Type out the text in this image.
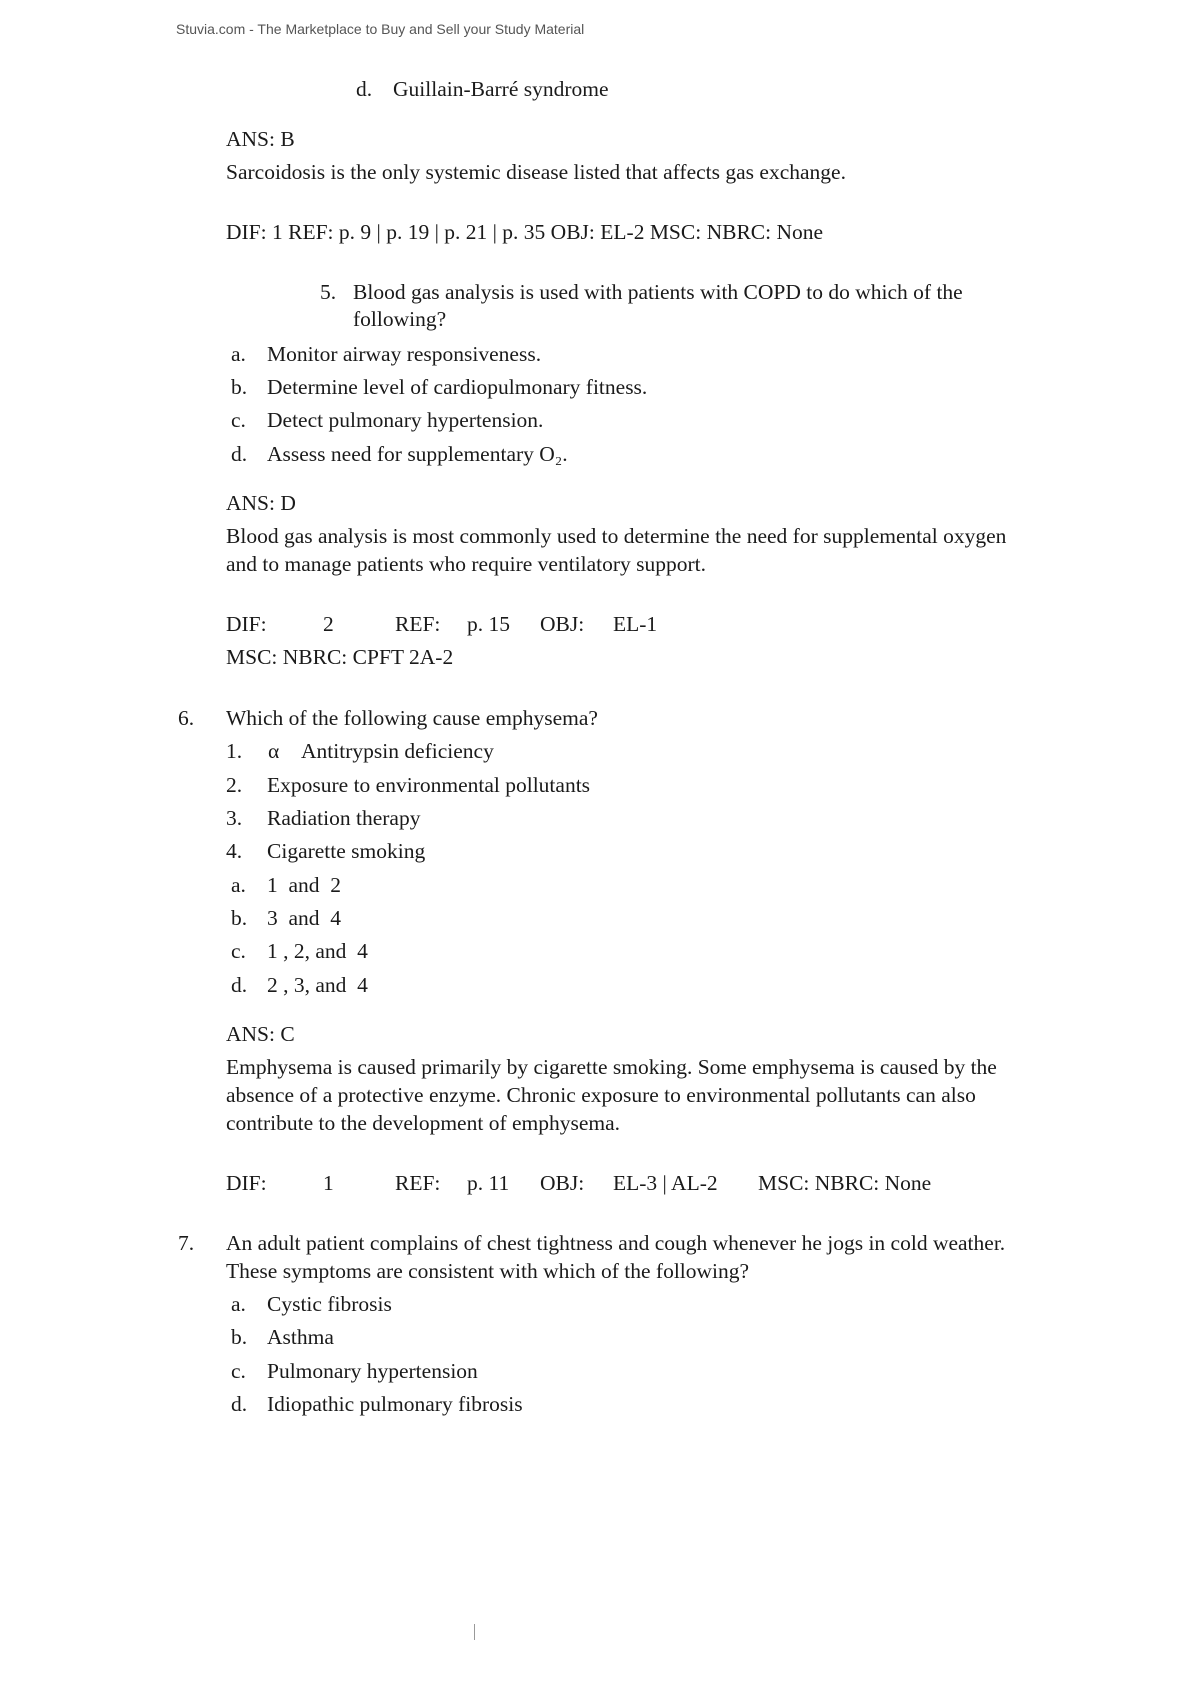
Stuvia.com - The Marketplace to Buy and Sell your Study Material
d. Guillain-Barré syndrome
ANS: B
Sarcoidosis is the only systemic disease listed that affects gas exchange.
DIF: 1 REF: p. 9 | p. 19 | p. 21 | p. 35 OBJ: EL-2 MSC: NBRC: None
5. Blood gas analysis is used with patients with COPD to do which of the
following?
a. Monitor airway responsiveness.
b. Determine level of cardiopulmonary fitness.
c. Detect pulmonary hypertension.
d. Assess need for supplementary O₂.
ANS: D
Blood gas analysis is most commonly used to determine the need for supplemental oxygen
and to manage patients who require ventilatory support.
DIF:	2	REF: p. 15 OBJ: EL-1
MSC: NBRC: CPFT 2A-2
6. Which of the following cause emphysema?
1. α Antitrypsin deficiency
2. Exposure to environmental pollutants
3. Radiation therapy
4. Cigarette smoking
a. 1  and  2
b. 3  and  4
c. 1 , 2, and  4
d. 2 , 3, and  4
ANS: C
Emphysema is caused primarily by cigarette smoking. Some emphysema is caused by the
absence of a protective enzyme. Chronic exposure to environmental pollutants can also
contribute to the development of emphysema.
DIF:	1	REF: p. 11 OBJ: EL-3 | AL-2 MSC: NBRC: None
7. An adult patient complains of chest tightness and cough whenever he jogs in cold weather.
These symptoms are consistent with which of the following?
a. Cystic fibrosis
b. Asthma
c. Pulmonary hypertension
d. Idiopathic pulmonary fibrosis
